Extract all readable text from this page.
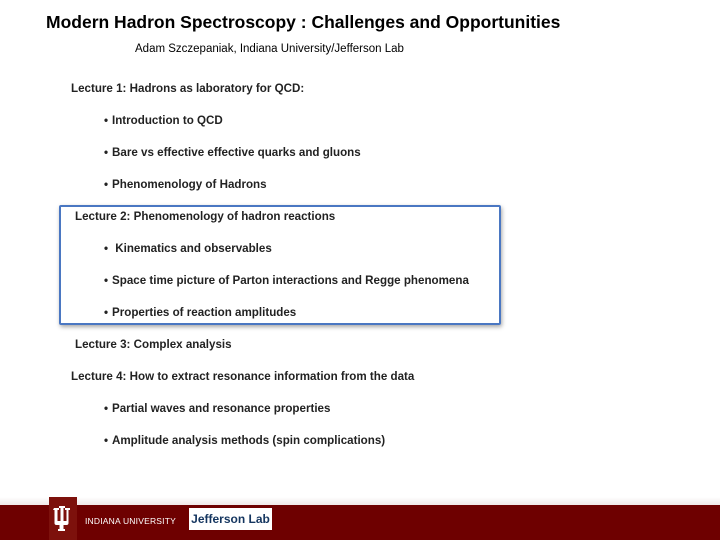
Modern Hadron Spectroscopy : Challenges and Opportunities
Adam Szczepaniak, Indiana University/Jefferson Lab
Lecture 1: Hadrons as laboratory for QCD:
• Introduction to QCD
• Bare vs effective effective quarks and gluons
• Phenomenology of Hadrons
Lecture 2: Phenomenology of hadron reactions
• Kinematics and observables
• Space time picture of Parton interactions and Regge phenomena
• Properties of reaction amplitudes
Lecture 3: Complex analysis
Lecture 4: How to extract resonance information from the data
• Partial waves and resonance properties
• Amplitude analysis methods (spin complications)
INDIANA UNIVERSITY Jefferson Lab
